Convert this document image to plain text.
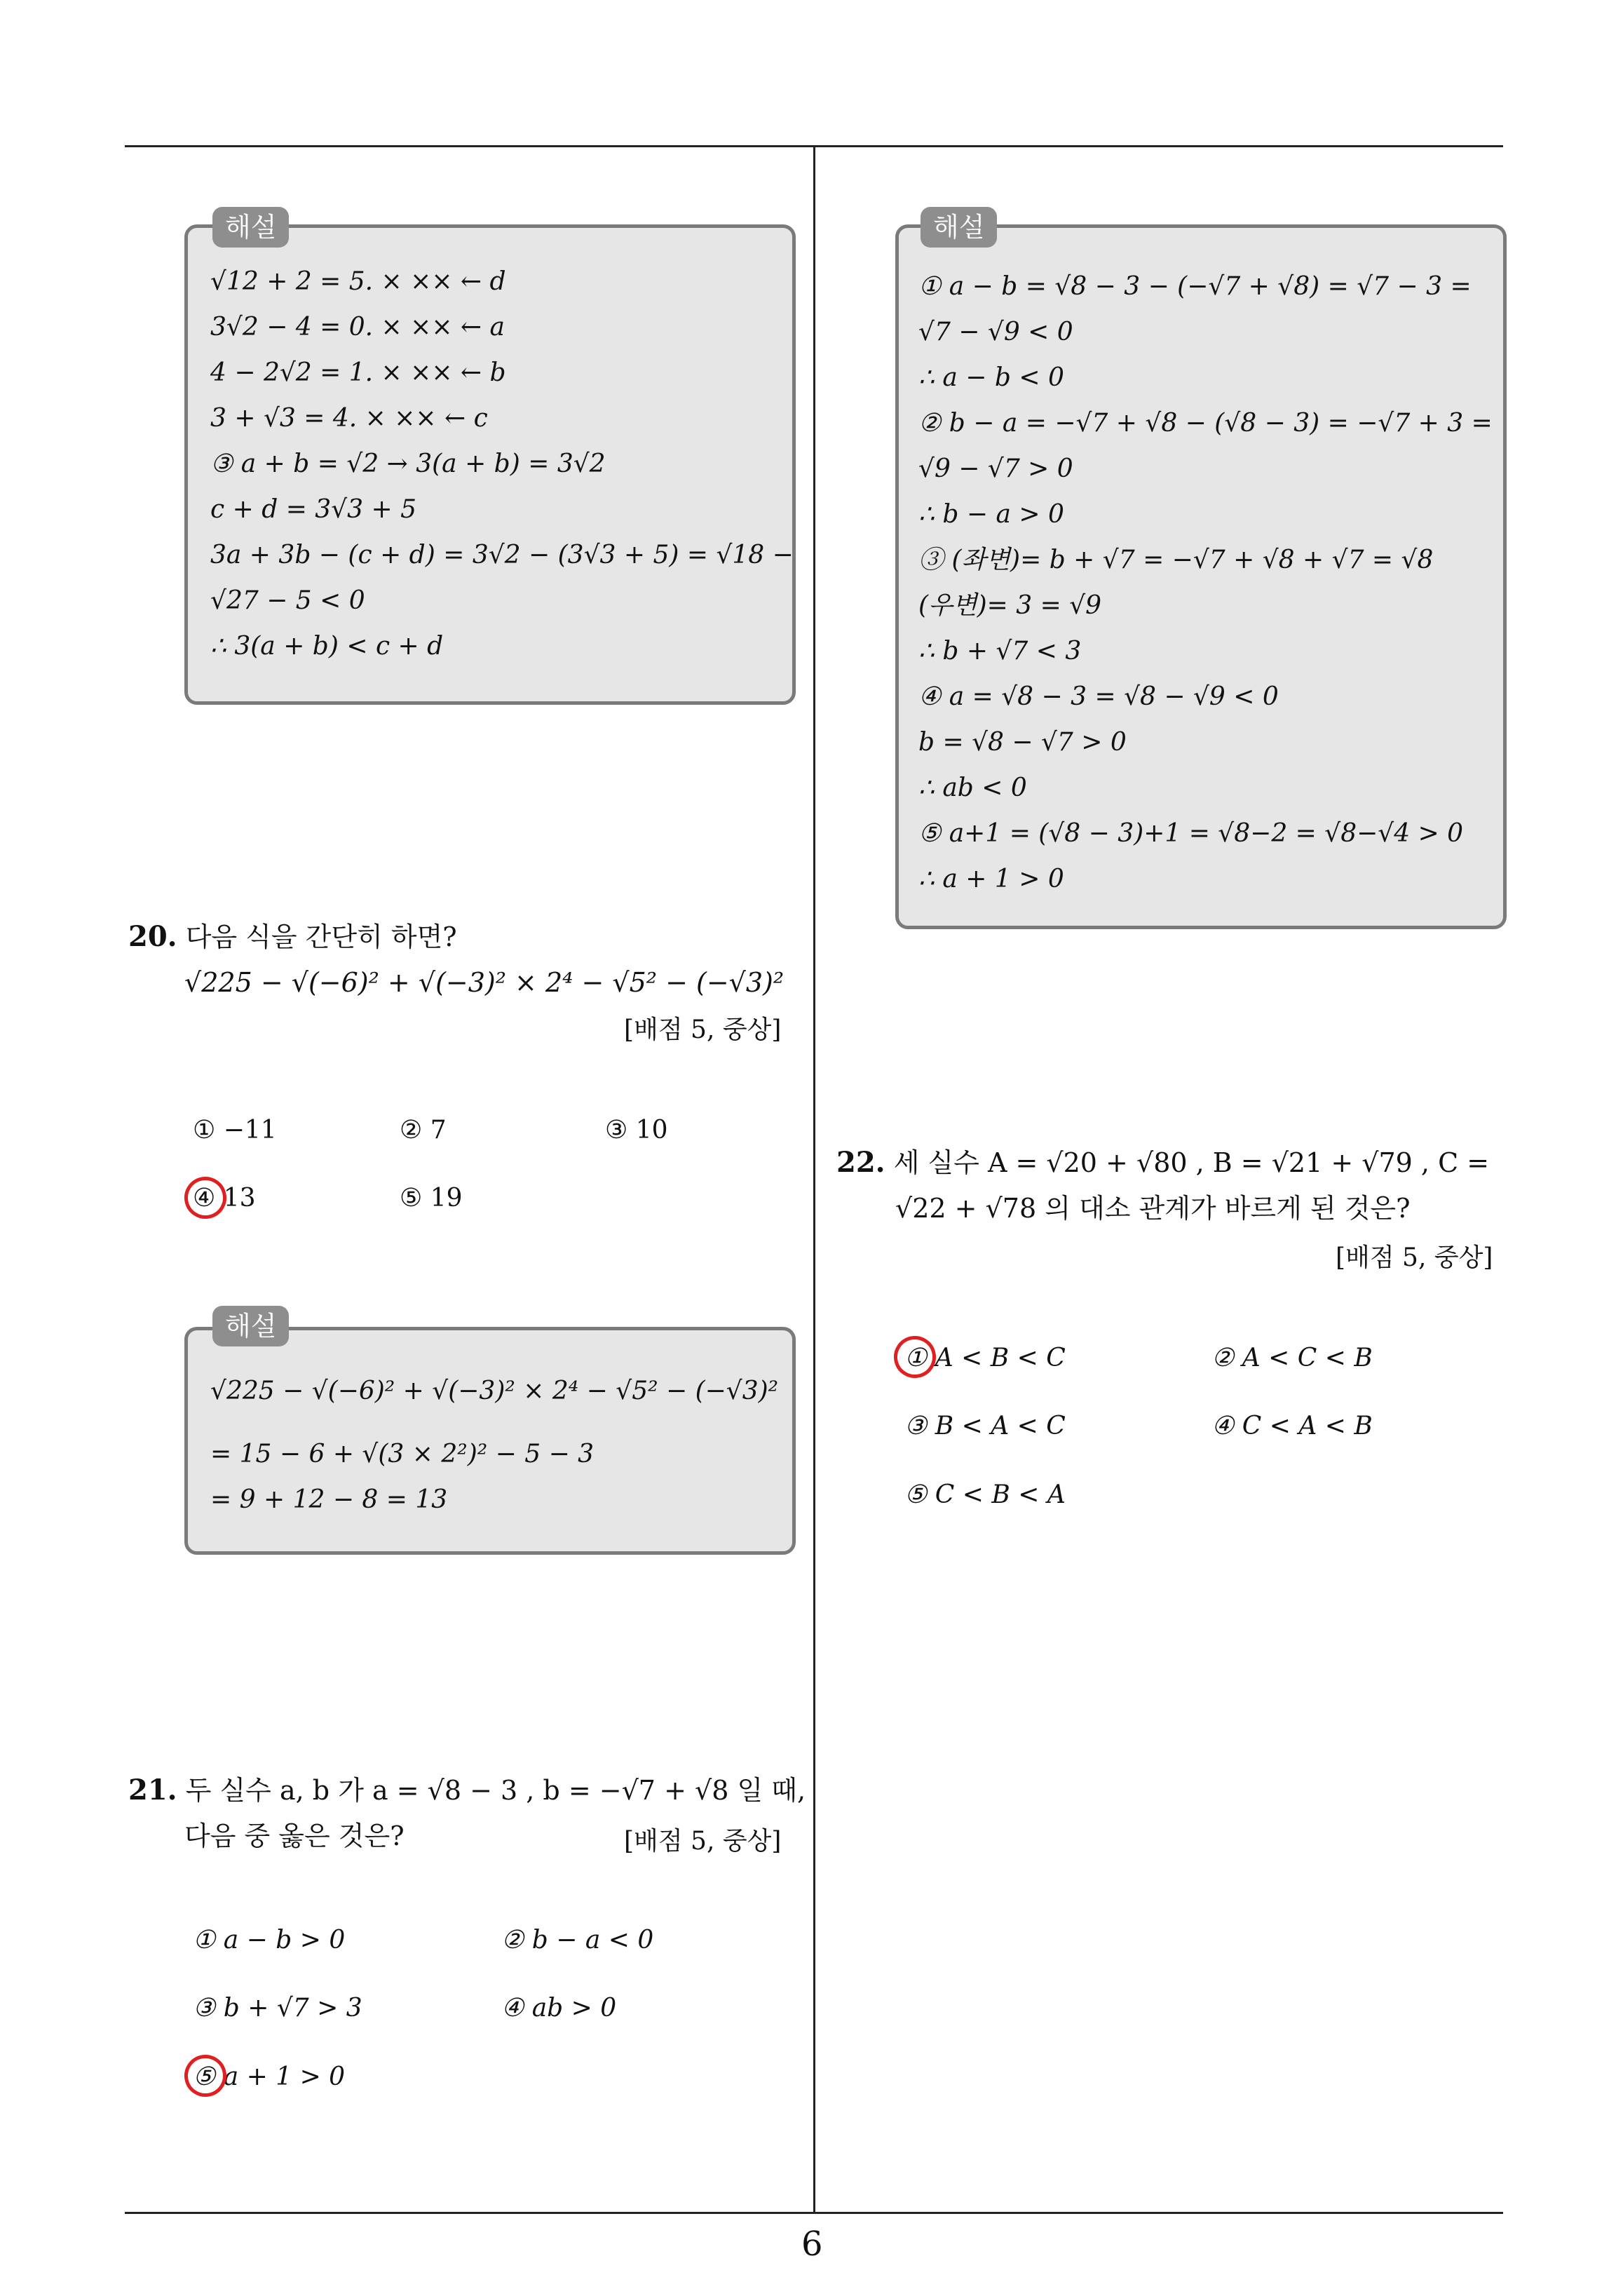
√12 + 2 = 5. × ×× ← d
3√2 − 4 = 0. × ×× ← a
4 − 2√2 = 1. × ×× ← b
3 + √3 = 4. × ×× ← c
③ a + b = √2 → 3(a + b) = 3√2
c + d = 3√3 + 5
3a + 3b − (c + d) = 3√2 − (3√3 + 5) = √18 −
√27 − 5 < 0
∴ 3(a + b) < c + d
해설
20. 다음 식을 간단히 하면?
√225 − √(−6)² + √(−3)² × 2⁴ − √5² − (−√3)²
[배점 5, 중상]
① −11	② 7	③ 10
④ 13	⑤ 19
√225 − √(−6)² + √(−3)² × 2⁴ − √5² − (−√3)²
= 15 − 6 + √(3 × 2²)² − 5 − 3
= 9 + 12 − 8 = 13
해설
21. 두 실수 a, b 가 a = √8 − 3 , b = −√7 + √8 일 때,
다음 중 옳은 것은?	[배점 5, 중상]
① a − b > 0	② b − a < 0
③ b + √7 > 3	④ ab > 0
⑤ a + 1 > 0
① a − b = √8 − 3 − (−√7 + √8) = √7 − 3 =
√7 − √9 < 0
∴ a − b < 0
② b − a = −√7 + √8 − (√8 − 3) = −√7 + 3 =
√9 − √7 > 0
∴ b − a > 0
③ (좌변)= b + √7 = −√7 + √8 + √7 = √8
(우변)= 3 = √9
∴ b + √7 < 3
④ a = √8 − 3 = √8 − √9 < 0
b = √8 − √7 > 0
∴ ab < 0
⑤ a+1 = (√8 − 3)+1 = √8−2 = √8−√4 > 0
∴ a + 1 > 0
해설
22. 세 실수 A = √20 + √80 , B = √21 + √79 , C =
√22 + √78 의 대소 관계가 바르게 된 것은?
[배점 5, 중상]
① A < B < C	② A < C < B
③ B < A < C	④ C < A < B
⑤ C < B < A
6
